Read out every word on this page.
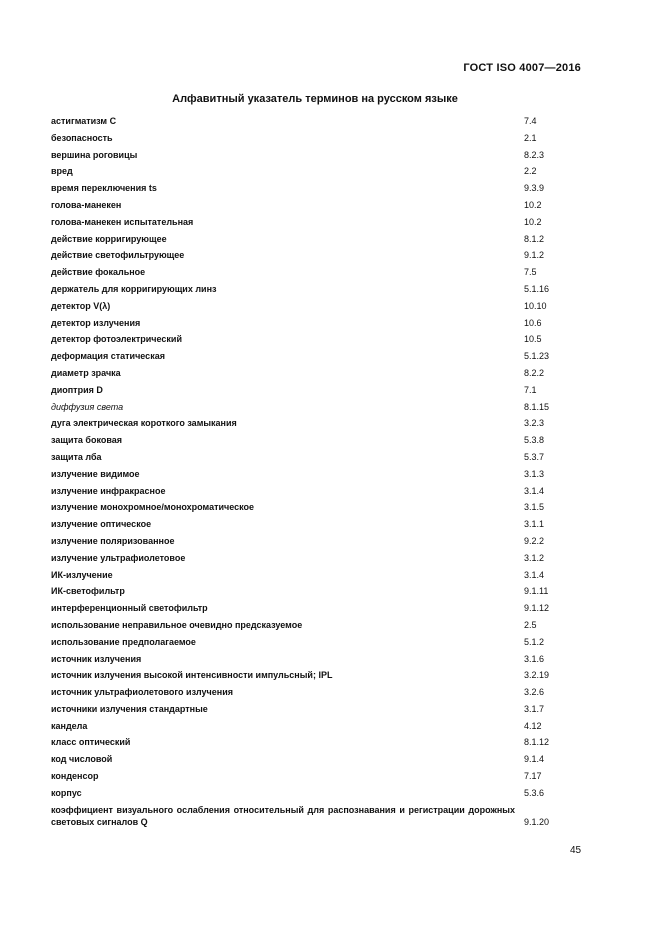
ГОСТ ISO 4007—2016
Алфавитный указатель терминов на русском языке
астигматизм C	7.4
безопасность	2.1
вершина роговицы	8.2.3
вред	2.2
время переключения ts	9.3.9
голова-манекен	10.2
голова-манекен испытательная	10.2
действие корригирующее	8.1.2
действие светофильтрующее	9.1.2
действие фокальное	7.5
держатель для корригирующих линз	5.1.16
детектор V(λ)	10.10
детектор излучения	10.6
детектор фотоэлектрический	10.5
деформация статическая	5.1.23
диаметр зрачка	8.2.2
диоптрия D	7.1
диффузия света	8.1.15
дуга электрическая короткого замыкания	3.2.3
защита боковая	5.3.8
защита лба	5.3.7
излучение видимое	3.1.3
излучение инфракрасное	3.1.4
излучение монохромное/монохроматическое	3.1.5
излучение оптическое	3.1.1
излучение поляризованное	9.2.2
излучение ультрафиолетовое	3.1.2
ИК-излучение	3.1.4
ИК-светофильтр	9.1.11
интерференционный светофильтр	9.1.12
использование неправильное очевидно предсказуемое	2.5
использование предполагаемое	5.1.2
источник излучения	3.1.6
источник излучения высокой интенсивности импульсный; IPL	3.2.19
источник ультрафиолетового излучения	3.2.6
источники излучения стандартные	3.1.7
кандела	4.12
класс оптический	8.1.12
код числовой	9.1.4
конденсор	7.17
корпус	5.3.6
коэффициент визуального ослабления относительный для распознавания и регистрации дорожных световых сигналов Q	9.1.20
45
